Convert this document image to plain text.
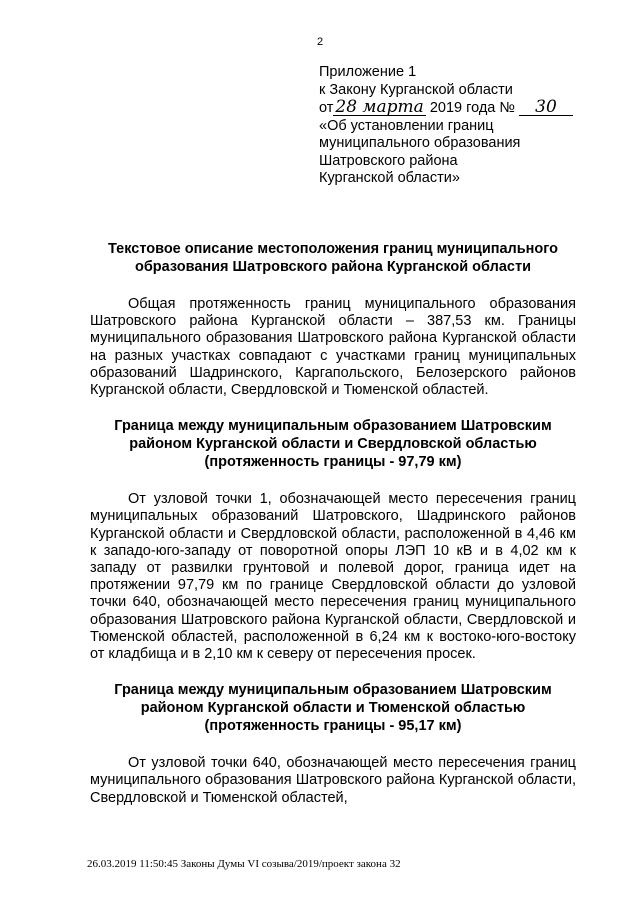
2
Приложение 1
к Закону Курганской области
от 28 марта 2019 года № 30
«Об установлении границ
муниципального образования
Шатровского района
Курганской области»
Текстовое описание местоположения границ муниципального образования Шатровского района Курганской области

Общая протяженность границ муниципального образования Шатровского района Курганской области – 387,53 км. Границы муниципального образования Шатровского района Курганской области на разных участках совпадают с участками границ муниципальных образований Шадринского, Каргапольского, Белозерского районов Курганской области, Свердловской и Тюменской областей.

Граница между муниципальным образованием Шатровским районом Курганской области и Свердловской областью (протяженность границы - 97,79 км)

От узловой точки 1, обозначающей место пересечения границ муниципальных образований Шатровского, Шадринского районов Курганской области и Свердловской области, расположенной в 4,46 км к западо-юго-западу от поворотной опоры ЛЭП 10 кВ и в 4,02 км к западу от развилки грунтовой и полевой дорог, граница идет на протяжении 97,79 км по границе Свердловской области до узловой точки 640, обозначающей место пересечения границ муниципального образования Шатровского района Курганской области, Свердловской и Тюменской областей, расположенной в 6,24 км к востоко-юго-востоку от кладбища и в 2,10 км к северу от пересечения просек.

Граница между муниципальным образованием Шатровским районом Курганской области и Тюменской областью (протяженность границы - 95,17 км)

От узловой точки 640, обозначающей место пересечения границ муниципального образования Шатровского района Курганской области, Свердловской и Тюменской областей,

26.03.2019 11:50:45 Законы Думы VI созыва/2019/проект закона 32
